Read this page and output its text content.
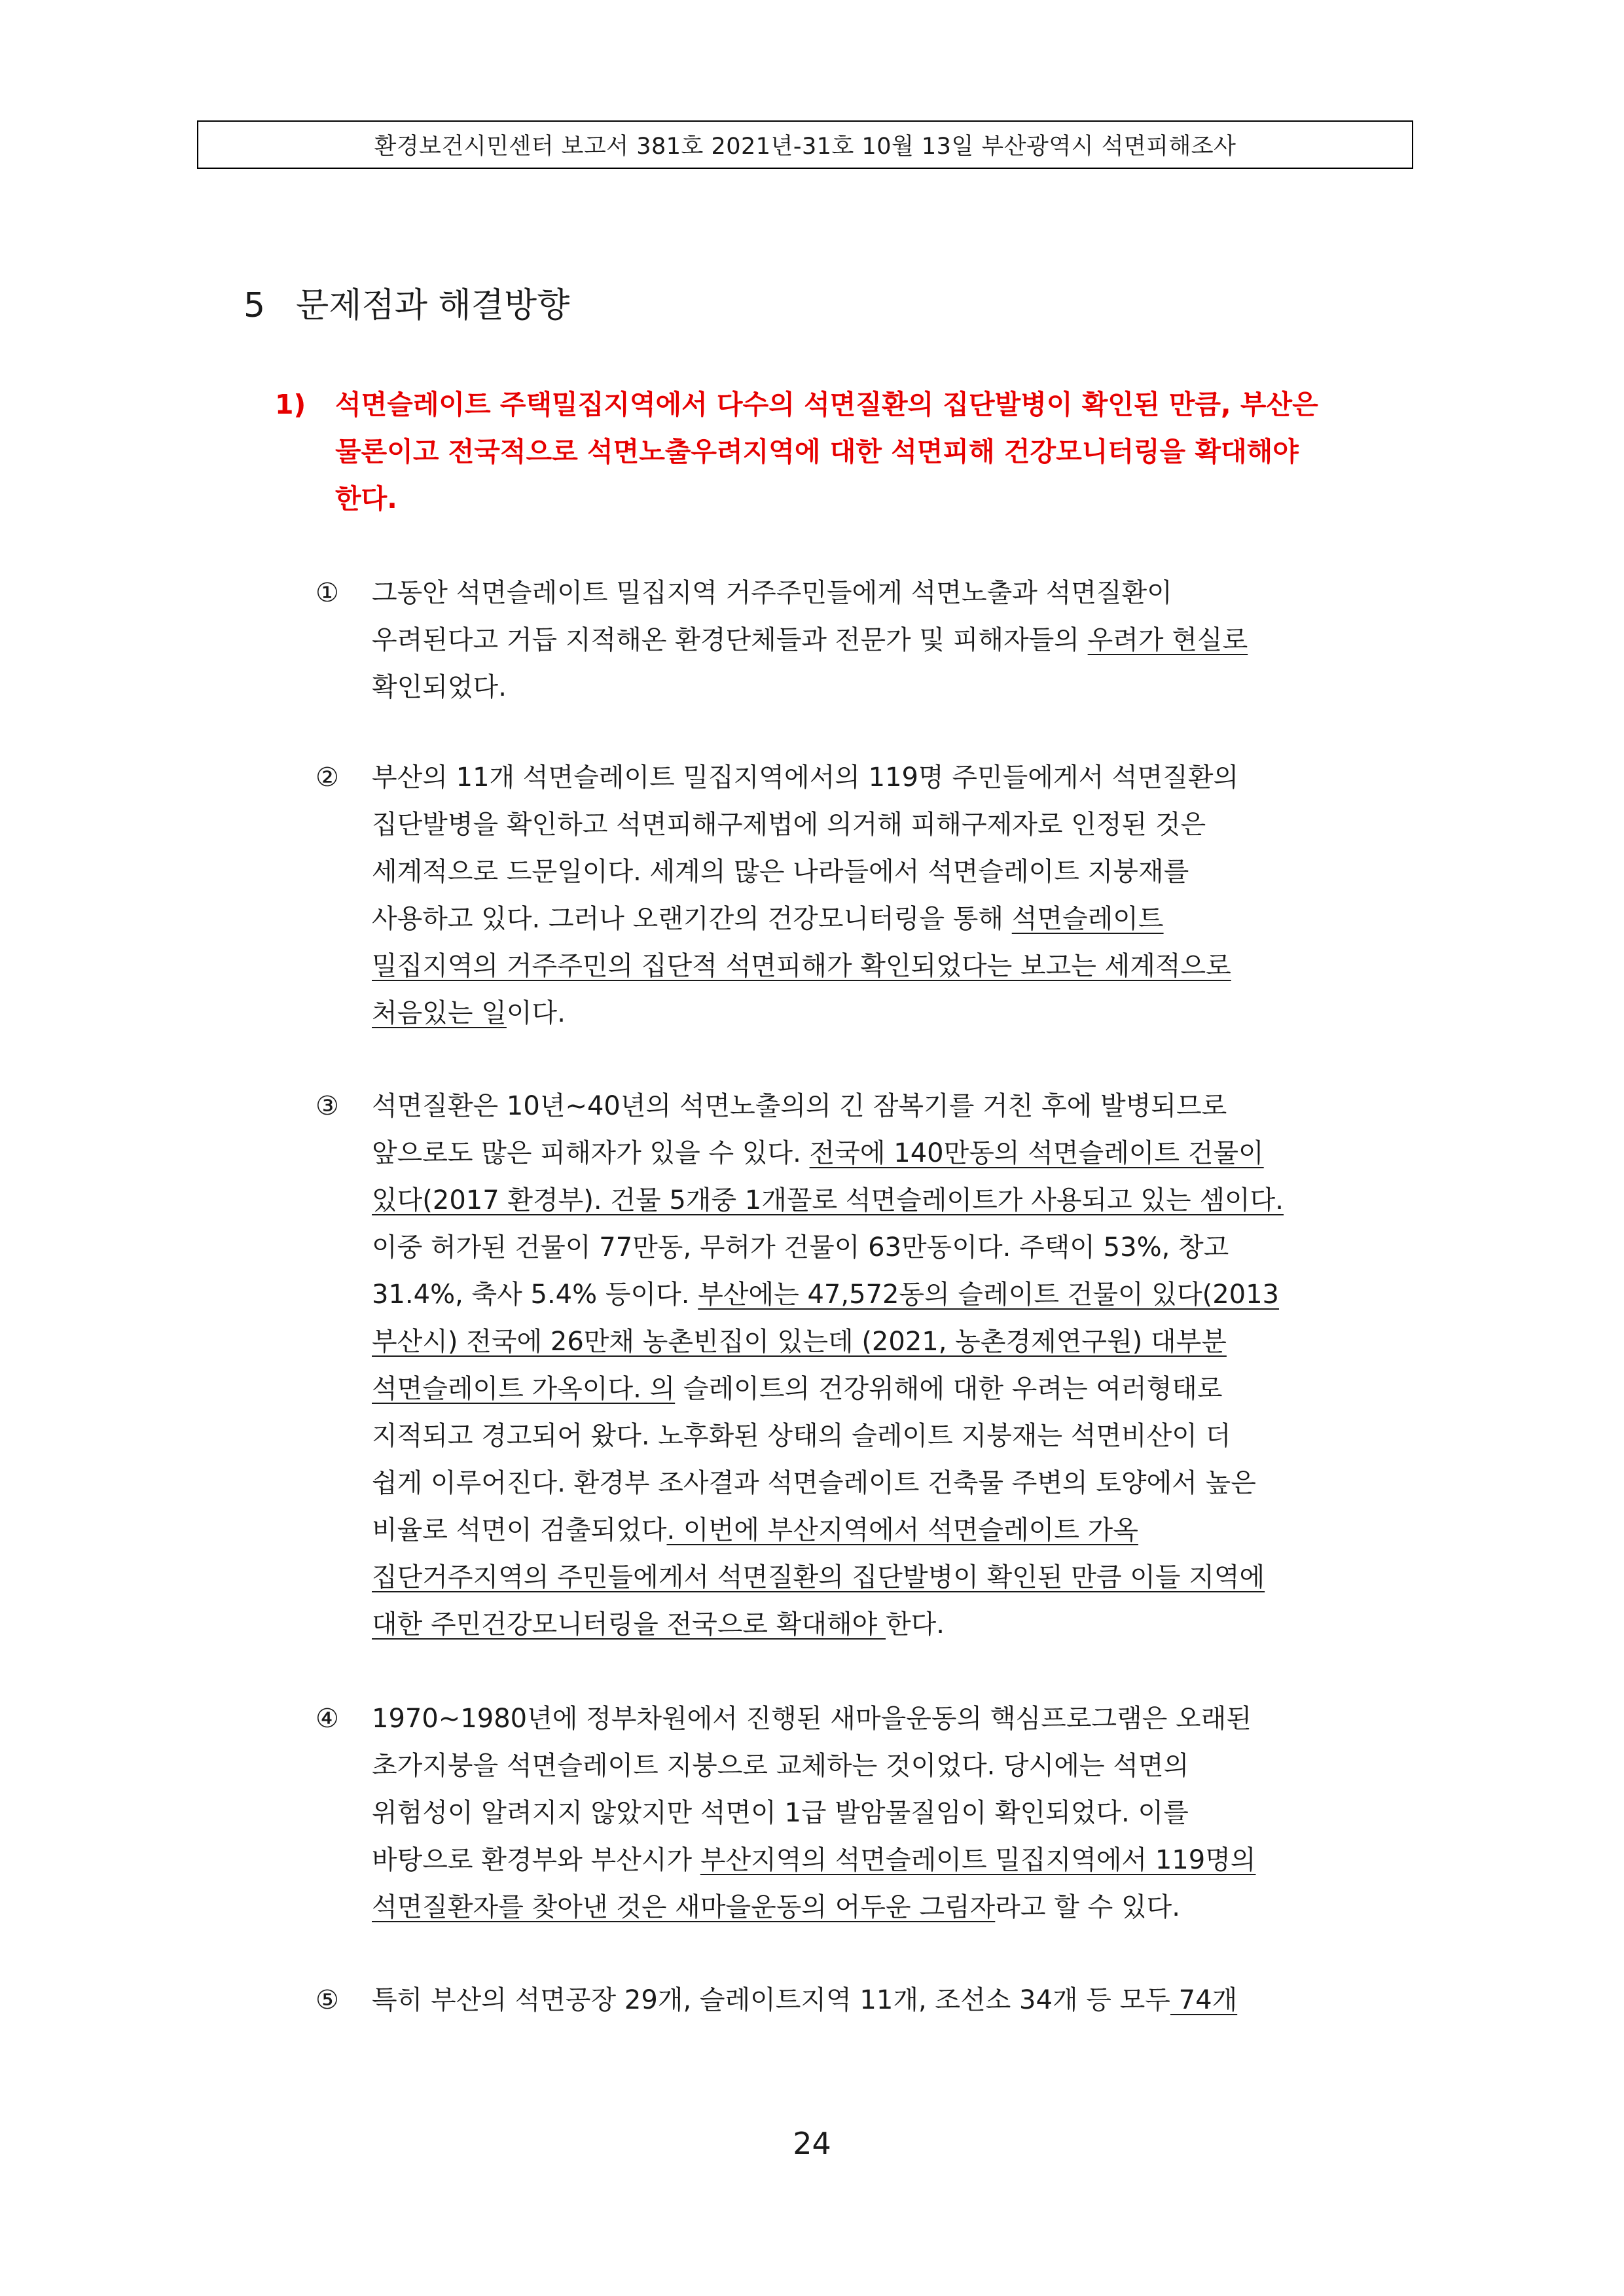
환경보건시민센터 보고서 381호 2021년-31호 10월 13일 부산광역시 석면피해조사
5 문제점과 해결방향
1) 석면슬레이트 주택밀집지역에서 다수의 석면질환의 집단발병이 확인된 만큼, 부산은
물론이고 전국적으로 석면노출우려지역에 대한 석면피해 건강모니터링을 확대해야
한다.
① 그동안 석면슬레이트 밀집지역 거주주민들에게 석면노출과 석면질환이

우려된다고 거듭 지적해온 환경단체들과 전문가 및 피해자들의 우려가 현실로

확인되었다.

② 부산의 11개 석면슬레이트 밀집지역에서의 119명 주민들에게서 석면질환의

집단발병을 확인하고 석면피해구제법에 의거해 피해구제자로 인정된 것은

세계적으로 드문일이다. 세계의 많은 나라들에서 석면슬레이트 지붕재를

사용하고 있다. 그러나 오랜기간의 건강모니터링을 통해 석면슬레이트

밀집지역의 거주주민의 집단적 석면피해가 확인되었다는 보고는 세계적으로

처음있는 일이다.

③ 석면질환은 10년~40년의 석면노출의의 긴 잠복기를 거친 후에 발병되므로

앞으로도 많은 피해자가 있을 수 있다. 전국에 140만동의 석면슬레이트 건물이

있다(2017 환경부). 건물 5개중 1개꼴로 석면슬레이트가 사용되고 있는 셈이다.

이중 허가된 건물이 77만동, 무허가 건물이 63만동이다. 주택이 53%, 창고

31.4%, 축사 5.4% 등이다. 부산에는 47,572동의 슬레이트 건물이 있다(2013

부산시) 전국에 26만채 농촌빈집이 있는데 (2021, 농촌경제연구원) 대부분

석면슬레이트 가옥이다. 의 슬레이트의 건강위해에 대한 우려는 여러형태로

지적되고 경고되어 왔다. 노후화된 상태의 슬레이트 지붕재는 석면비산이 더

쉽게 이루어진다. 환경부 조사결과 석면슬레이트 건축물 주변의 토양에서 높은

비율로 석면이 검출되었다. 이번에 부산지역에서 석면슬레이트 가옥

집단거주지역의 주민들에게서 석면질환의 집단발병이 확인된 만큼 이들 지역에

대한 주민건강모니터링을 전국으로 확대해야 한다.

④ 1970~1980년에 정부차원에서 진행된 새마을운동의 핵심프로그램은 오래된

초가지붕을 석면슬레이트 지붕으로 교체하는 것이었다. 당시에는 석면의

위험성이 알려지지 않았지만 석면이 1급 발암물질임이 확인되었다. 이를

바탕으로 환경부와 부산시가 부산지역의 석면슬레이트 밀집지역에서 119명의

석면질환자를 찾아낸 것은 새마을운동의 어두운 그림자라고 할 수 있다.

⑤ 특히 부산의 석면공장 29개, 슬레이트지역 11개, 조선소 34개 등 모두 74개

24
